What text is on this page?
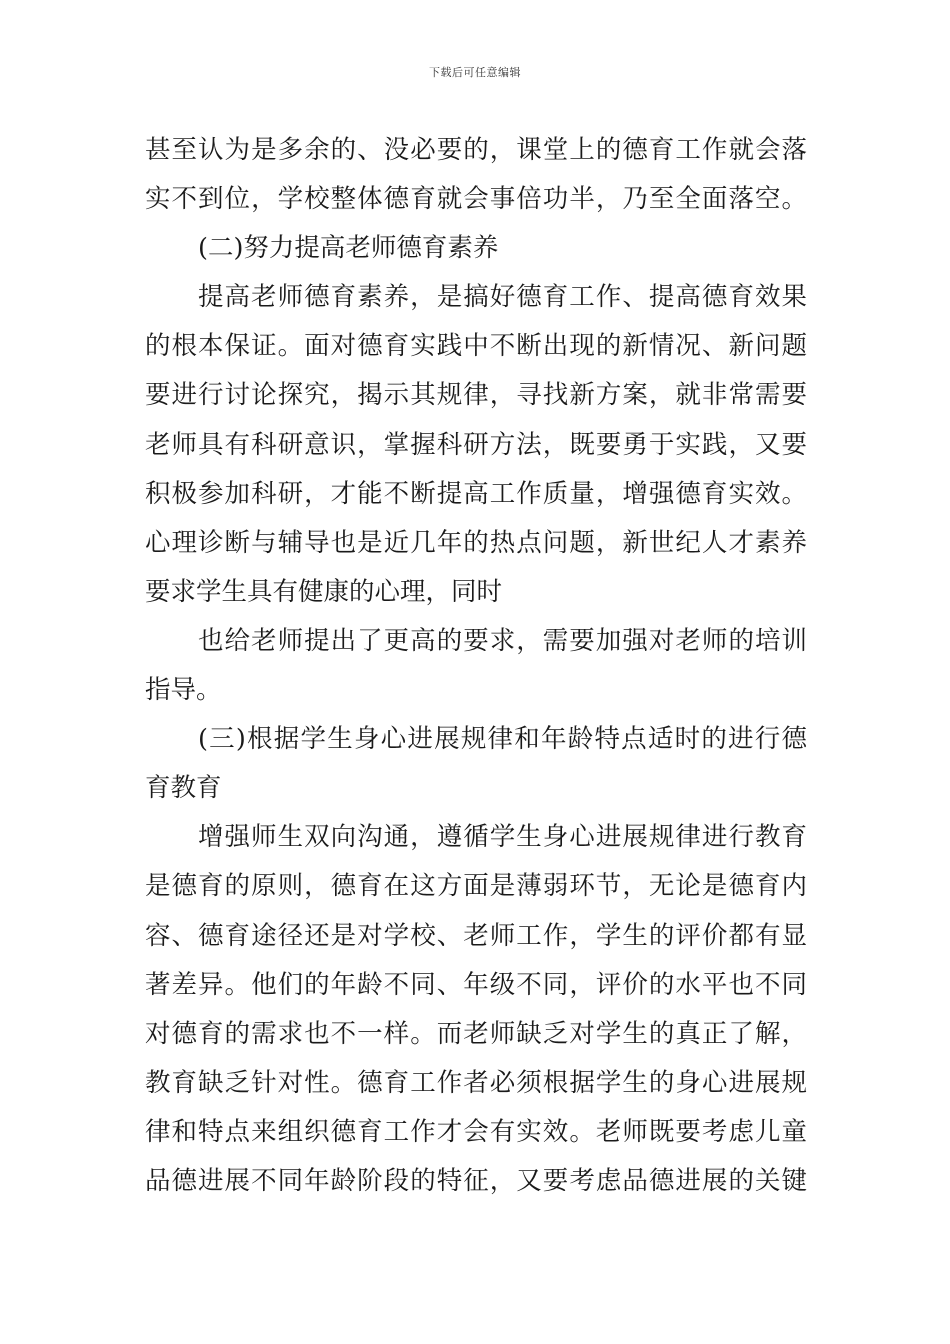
下载后可任意编辑
甚至认为是多余的、没必要的，课堂上的德育工作就会落
实不到位，学校整体德育就会事倍功半，乃至全面落空。
(二)努力提高老师德育素养
提高老师德育素养，是搞好德育工作、提高德育效果
的根本保证。面对德育实践中不断出现的新情况、新问题
要进行讨论探究，揭示其规律，寻找新方案，就非常需要
老师具有科研意识，掌握科研方法，既要勇于实践，又要
积极参加科研，才能不断提高工作质量，增强德育实效。
心理诊断与辅导也是近几年的热点问题，新世纪人才素养
要求学生具有健康的心理，同时
也给老师提出了更高的要求，需要加强对老师的培训
指导。
(三)根据学生身心进展规律和年龄特点适时的进行德
育教育
增强师生双向沟通，遵循学生身心进展规律进行教育
是德育的原则，德育在这方面是薄弱环节，无论是德育内
容、德育途径还是对学校、老师工作，学生的评价都有显
著差异。他们的年龄不同、年级不同，评价的水平也不同
对德育的需求也不一样。而老师缺乏对学生的真正了解，
教育缺乏针对性。德育工作者必须根据学生的身心进展规
律和特点来组织德育工作才会有实效。老师既要考虑儿童
品德进展不同年龄阶段的特征，又要考虑品德进展的关键
